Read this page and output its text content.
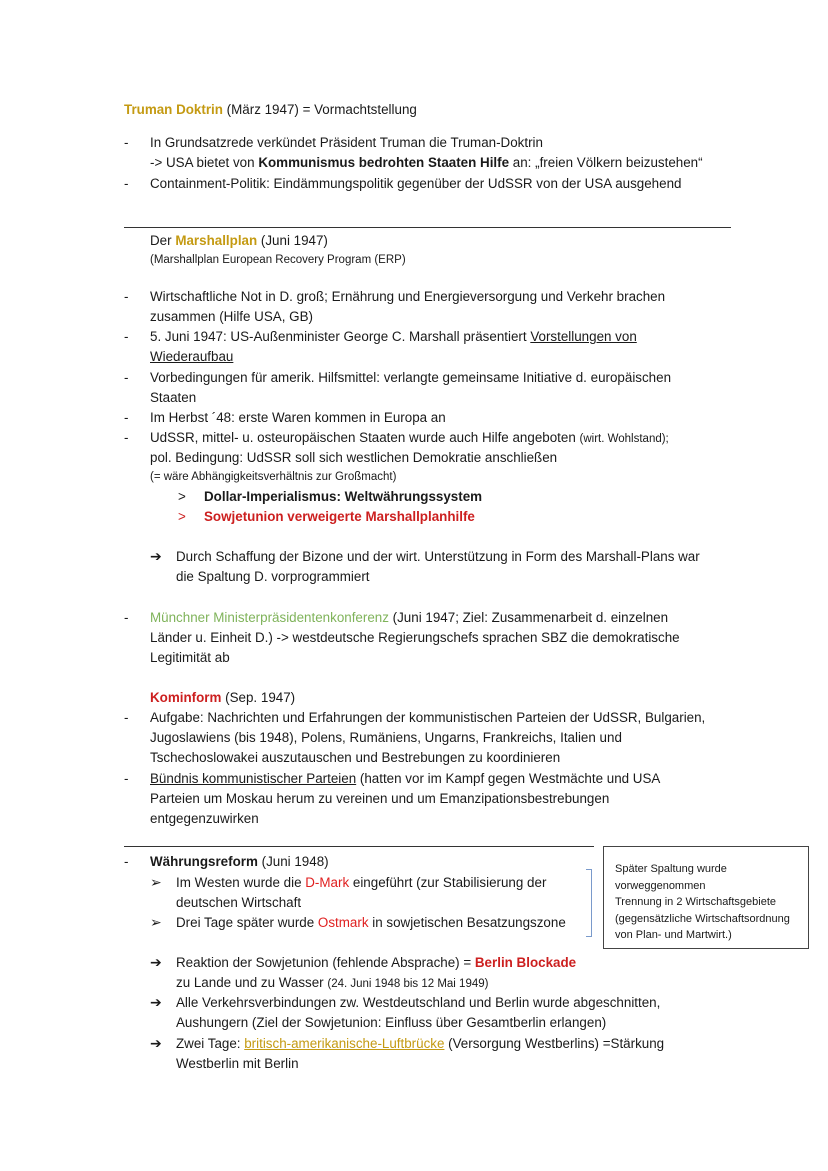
Truman Doktrin (März 1947) = Vormachtstellung
- In Grundsatzrede verkündet Präsident Truman die Truman-Doktrin
-> USA bietet von Kommunismus bedrohten Staaten Hilfe an: „freien Völkern beizustehen“
- Containment-Politik: Eindämmungspolitik gegenüber der UdSSR von der USA ausgehend
Der Marshallplan (Juni 1947)
(Marshallplan European Recovery Program (ERP)
- Wirtschaftliche Not in D. groß; Ernährung und Energieversorgung und Verkehr brachen
zusammen (Hilfe USA, GB)
- 5. Juni 1947: US-Außenminister George C. Marshall präsentiert Vorstellungen von
Wiederaufbau
- Vorbedingungen für amerik. Hilfsmittel: verlangte gemeinsame Initiative d. europäischen
Staaten
- Im Herbst ´48: erste Waren kommen in Europa an
- UdSSR, mittel- u. osteuropäischen Staaten wurde auch Hilfe angeboten (wirt. Wohlstand);
pol. Bedingung: UdSSR soll sich westlichen Demokratie anschließen
(= wäre Abhängigkeitsverhältnis zur Großmacht)
> Dollar-Imperialismus: Weltwährungssystem
> Sowjetunion verweigerte Marshallplanhilfe
➔ Durch Schaffung der Bizone und der wirt. Unterstützung in Form des Marshall-Plans war
die Spaltung D. vorprogrammiert
- Münchner Ministerpräsidentenkonferenz (Juni 1947; Ziel: Zusammenarbeit d. einzelnen
Länder u. Einheit D.) -> westdeutsche Regierungschefs sprachen SBZ die demokratische
Legitimität ab
Kominform (Sep. 1947)
- Aufgabe: Nachrichten und Erfahrungen der kommunistischen Parteien der UdSSR, Bulgarien,
Jugoslawiens (bis 1948), Polens, Rumäniens, Ungarns, Frankreichs, Italien und
Tschechoslowakei auszutauschen und Bestrebungen zu koordinieren
- Bündnis kommunistischer Parteien (hatten vor im Kampf gegen Westmächte und USA
Parteien um Moskau herum zu vereinen und um Emanzipationsbestrebungen
entgegenzuwirken
- Währungsreform (Juni 1948)
➢ Im Westen wurde die D-Mark eingeführt (zur Stabilisierung der
deutschen Wirtschaft
➢ Drei Tage später wurde Ostmark in sowjetischen Besatzungszone
Später Spaltung wurde
vorweggenommen
Trennung in 2 Wirtschaftsgebiete
(gegensätzliche Wirtschaftsordnung
von Plan- und Martwirt.)
➔ Reaktion der Sowjetunion (fehlende Absprache) = Berlin Blockade
zu Lande und zu Wasser (24. Juni 1948 bis 12 Mai 1949)
➔ Alle Verkehrsverbindungen zw. Westdeutschland und Berlin wurde abgeschnitten,
Aushungern (Ziel der Sowjetunion: Einfluss über Gesamtberlin erlangen)
➔ Zwei Tage: britisch-amerikanische-Luftbrücke (Versorgung Westberlins) =Stärkung
Westberlin mit Berlin
